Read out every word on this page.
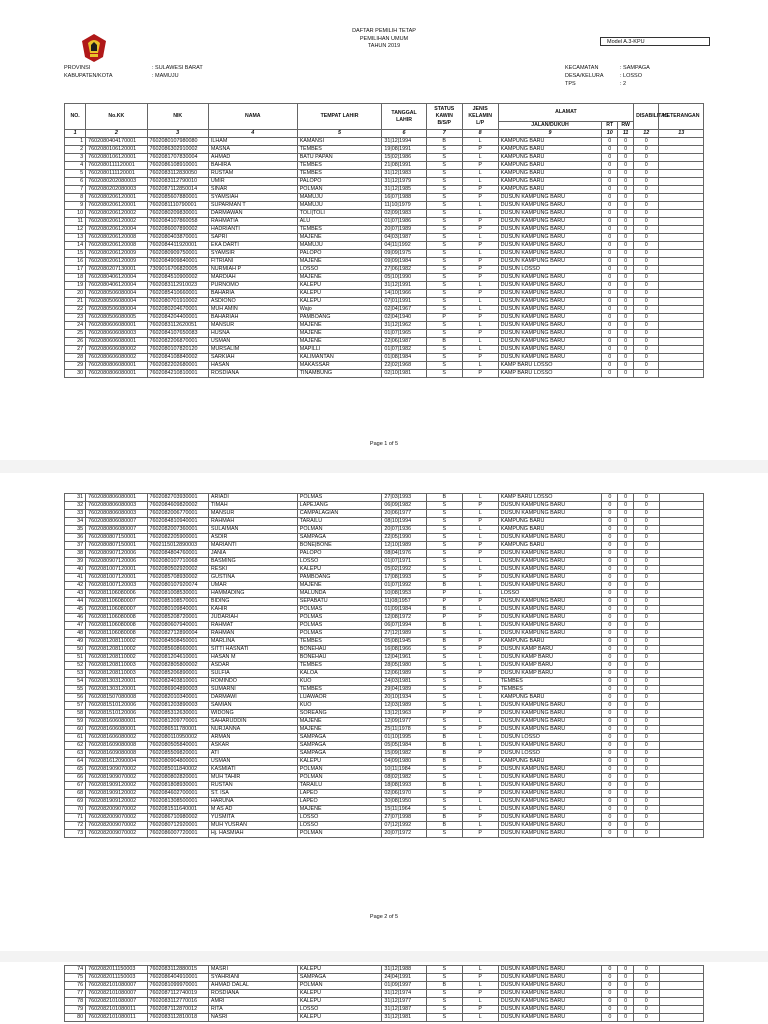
DAFTAR PEMILIH TETAP
PEMILIHAN UMUM
TAHUN 2019
Model A.3-KPU
PROVINSI	: SULAWESI BARAT
KABUPATEN/KOTA	: MAMUJU
KECAMATAN	: SAMPAGA
DESA/KELURA	: LOSSO
TPS	: 2
NO.	No.KK	NIK	NAMA	TEMPAT LAHIR	TANGGAL LAHIR	STATUS KAWIN B/S/P	JENIS KELAMIN L/P	ALAMAT			DISABILITAS	KETERANGAN
								JALAN/DUKUH	RT	RW		
1	2	3	4	5	6	7	8	9	10	11	12	13
1	7602080404170001	7602080107980080	ILHAM	KAMANSI	31|12|1994	B	L	KAMPUNG BARU	0	0	0	
2	7602080106120001	7602086302910002	MASNA	TEMBES	19|08|1991	S	P	KAMPUNG BARU	0	0	0	
3	7602080106120001	7602081707830004	AHMAD	BATU PAPAN	15|02|1986	S	L	KAMPUNG BARU	0	0	0	
4	7602080111120001	7602086108910001	BAHIRA	TEMBES	21|08|1991	S	P	KAMPUNG BARU	0	0	0	
5	7602080111120001	7602083112830050	RUSTAM	TEMBES	31|12|1983	S	L	KAMPUNG BARU	0	0	0	
6	7602080202080003	7602083112790010	UMIR	PALOPO	31|12|1979	S	L	KAMPUNG BARU	0	0	0	
7	7602080202080003	7602087112850014	SINAR	POLMAN	31|12|1985	S	P	KAMPUNG BARU	0	0	0	
8	7602080206120001	7602085607880001	SYAMSIAH	MAMUJU	16|07|1988	S	P	DUSUN KAMPUNG BARU	0	0	0	
9	7602080206120001	7602081110790001	SUPARMAN T	MAMUJU	11|10|1979	S	L	DUSUN KAMPUNG BARU	0	0	0	
10	7602080206120002	7602080209830001	DARMAWAN	TOLI|TOLI	02|09|1983	S	L	DUSUN KAMPUNG BARU	0	0	0	
11	7602080206120002	7602084107860058	RAHMATIA	ALU	01|07|1986	S	P	DUSUN KAMPUNG BARU	0	0	0	
12	7602080206120004	7602086007890002	HADRIANTI	TEMBES	20|07|1989	S	P	DUSUN KAMPUNG BARU	0	0	0	
13	7602080206120008	7602080403870001	SAPRI	MAJENE	04|03|1987	S	L	DUSUN KAMPUNG BARU	0	0	0	
14	7602080206120008	7602084411920001	EKA DARTI	MAMUJU	04|11|1992	S	P	DUSUN KAMPUNG BARU	0	0	0	
15	7602080206120009	7602080909750001	SYAMSIR	PALOPO	09|09|1975	S	L	DUSUN KAMPUNG BARU	0	0	0	
16	7602080206120009	7602084909840001	FITRIANI	MAJENE	09|09|1984	S	P	DUSUN KAMPUNG BARU	0	0	0	
17	7602080207130001	7309016706820005	NURMIAH P	LOSSO	27|06|1982	S	P	DUSUN LOSSO	0	0	0	
18	7602080406120004	7602084510900002	MARDIAH	MAJENE	05|10|1990	S	P	DUSUN KAMPUNG BARU	0	0	0	
19	7602080406120004	7602083112910023	PURNOMO	KALEPU	31|12|1991	S	L	DUSUN KAMPUNG BARU	0	0	0	
20	7602080506080004	7602085410660001	BAHARIA	KALEPU	14|10|1966	S	P	DUSUN KAMPUNG BARU	0	0	0	
21	7602080506080004	7602080701910002	ASDIONO	KALEPU	07|01|1991	S	L	DUSUN KAMPUNG BARU	0	0	0	
22	7602080506080004	7602080204670001	MUH AMIN	Wajo	02|04|1967	S	L	DUSUN KAMPUNG BARU	0	0	0	
23	7602080506080005	7602084204400001	BAHARIAH	PAMBOANG	02|04|1940	P	P	DUSUN KAMPUNG BARU	0	0	0	
24	7602080606080001	7602083112620051	MANSUR	MAJENE	31|12|1962	S	L	DUSUN KAMPUNG BARU	0	0	0	
25	7602080606080003	7602084107650083	HUSNA	MAJENE	01|07|1965	S	P	DUSUN KAMPUNG BARU	0	0	0	
26	7602080606080001	7602082206870001	USMAN	MAJENE	22|06|1987	B	L	DUSUN KAMPUNG BARU	0	0	0	
27	7602080606080002	7602080107820120	MURSALIM	MAPILLI	01|07|1982	S	L	DUSUN KAMPUNG BARU	0	0	0	
28	7602080606080002	7602084108840002	SARKIAH	KALIMANTAN	01|08|1984	S	P	DUSUN KAMPUNG BARU	0	0	0	
29	7602080806080001	7602082202680001	HASAN	MAKASSAR	22|02|1968	S	L	KAMP BARU LOSSO	0	0	0	
30	7602080806080001	7602084210810001	ROSDIANA	TINAMBUNG	02|10|1981	S	P	KAMP BARU LOSSO	0	0	0	
Page 1 of 5
31	7602080806080001	7602082703930001	ARIADI	POLMAS	27|03|1993	B	L	KAMP BARU LOSSO	0	0	0	
32	7602080806080003	7602084609820002	TIMAH	LAPEJANG	06|09|1982	S	P	DUSUN KAMPUNG BARU	0	0	0	
33	7602080806080003	7602082006770001	MANSUR	CAMPALAGIAN	20|06|1977	S	L	DUSUN KAMPUNG BARU	0	0	0	
34	7602080806080007	7602084810940001	RAHMAH	TARAILU	08|10|1994	S	P	KAMPUNG BARU	0	0	0	
35	7602080806080007	7602082007360001	SULAIMAN	POLMAN	20|07|1936	S	L	KAMPUNG BARU	0	0	0	
36	7602080807150001	7602082205900001	ASDIR	SAMPAGA	22|05|1990	S	L	DUSUN KAMPUNG BARU	0	0	0	
37	7602080807150001	7602115012890003	MARIANTI	BONE|BONE	12|10|1989	S	P	KAMPUNG BARU	0	0	0	
38	7602080907120006	7602084804760001	JANIA	PALOPO	08|04|1976	S	P	DUSUN KAMPUNG BARU	0	0	0	
39	7602080907120006	7602080107710068	BASMING	LOSSO	01|07|1971	S	L	DUSUN KAMPUNG BARU	0	0	0	
40	7602081007120001	7602080502920002	RESKI	KALEPU	05|02|1992	S	L	DUSUN KAMPUNG BARU	0	0	0	
41	7602081007120001	7602085708930002	GUSTINA	PAMBOANG	17|08|1993	S	P	DUSUN KAMPUNG BARU	0	0	0	
42	7602081007120003	7602080107920074	UMAR	MAJENE	01|07|1992	B	L	DUSUN KAMPUNG BARU	0	0	0	
43	7602081106080006	7602081008530001	HAMMADING	MALUNDA	10|08|1953	P	L	LOSSO	0	0	0	
44	7602081106080007	7602085108570001	BIDING	SEPABATU	11|08|1957	P	P	DUSUN KAMPUNG BARU	0	0	0	
45	7602081106080007	7602080109840001	KAHIR	POLMAS	01|09|1984	B	L	DUSUN KAMPUNG BARU	0	0	0	
46	7602081106080008	7602085208720001	JUDARIAH	POLMAS	12|08|1972	P	P	DUSUN KAMPUNG BARU	0	0	0	
47	7602081106080008	7602080607940001	RAHMAT	POLMAS	06|07|1994	B	L	DUSUN KAMPUNG BARU	0	0	0	
48	7602081106080008	7602082712890004	RAHMAN	POLMAS	27|12|1989	S	L	DUSUN KAMPUNG BARU	0	0	0	
49	7602081208110002	7602084508450001	MARLINA	TEMBES	05|08|1945	B	P	KAMPUNG BARU	0	0	0	
50	7602081208110002	7602085608660001	SITTI HASNATI	BONEHAU	16|08|1966	S	P	DUSUN KAMP BARU	0	0	0	
51	7602081208110002	7602081204610001	HASAN M	BONEHAU	12|04|1961	S	L	DUSUN KAMP BARU	0	0	0	
52	7602081208110003	7602082805800002	ASDAR	TEMBES	28|05|1980	S	L	DUSUN KAMP BARU	0	0	0	
53	7602081208110003	7602085206890001	SULFIA	KALOA	12|06|1989	S	P	DUSUN KAMP BARU	0	0	0	
54	7602081303120001	7602082403810001	ROMINDO	KUO	24|03|1981	S	L	TEMBES	0	0	0	
55	7602081303120001	7602086904890003	SUMARNI	TEMBES	29|04|1989	S	P	TEMBES	0	0	0	
56	7602081507080008	7602082010340001	DARMAWI	LUAWAOR	20|10|1934	S	L	KAMPUNG BARU	0	0	0	
57	7602081510120006	7602081203890003	SAMIAN	KUO	12|03|1989	S	L	DUSUN KAMPUNG BARU	0	0	0	
58	7602081510120006	7602085312630001	WIDONG	SOREANG	13|12|1963	P	P	DUSUN KAMPUNG BARU	0	0	0	
59	7602081606080001	7602081209770001	SAHARUDDIN	MAJENE	12|09|1977	S	L	DUSUN KAMPUNG BARU	0	0	0	
60	7602081606080001	7602086511780001	NURJANNA	MAJENE	25|11|1978	S	P	DUSUN KAMPUNG BARU	0	0	0	
61	7602081606080002	7602080110950002	ARMAN	SAMPAGA	01|10|1995	B	L	DUSUN LOSSO	0	0	0	
62	7602081609080008	7602080505840001	ASKAR	SAMPAGA	05|05|1984	B	L	DUSUN KAMPUNG BARU	0	0	0	
63	7602081609080008	7602085509820001	ATI	SAMPAGA	15|09|1982	B	P	DUSUN LOSSO	0	0	0	
64	7602081612090004	7602080904800001	USMAN	KALEPU	04|09|1980	B	L	KAMPUNG BARU	0	0	0	
65	7602081909070002	7602085011840002	KASMIATI	POLMAN	10|11|1984	S	P	DUSUN KAMPUNG BARU	0	0	0	
66	7602081909070002	7602080802820001	MUH TAHIR	POLMAN	08|02|1982	S	L	DUSUN KAMPUNG BARU	0	0	0	
67	7602081909120002	7602081808930001	RUSTAN	TARAILU	18|08|1993	B	L	DUSUN KAMPUNG BARU	0	0	0	
68	7602081909120002	7602084602700001	ST. ISA	LAPEO	02|06|1970	S	P	DUSUN KAMPUNG BARU	0	0	0	
69	7602081909120002	7602081308500001	HARUNA	LAPEO	30|08|1950	S	L	DUSUN KAMPUNG BARU	0	0	0	
70	7602082009070002	7602081511640001	M AS AD	MAJENE	15|11|1964	S	L	DUSUN KAMPUNG BARU	0	0	0	
71	7602082009070002	7602086710980002	YUSMITA	LOSSO	27|07|1998	B	P	DUSUN KAMPUNG BARU	0	0	0	
72	7602082009070002	7602080712920001	MUH YUSRAN	LOSSO	07|12|1992	B	L	DUSUN KAMPUNG BARU	0	0	0	
73	7602082009070002	7602086007720001	Hj. HASMIAH	POLMAN	20|07|1972	S	P	DUSUN KAMPUNG BARU	0	0	0	
Page 2 of 5
74	7602082011150003	7602083112880015	MASRI	KALEPU	31|12|1988	S	L	DUSUN KAMPUNG BARU	0	0	0	
75	7602082011150003	7602086404910001	SYAHRIANI	SAMPAGA	24|04|1991	S	P	DUSUN KAMPUNG BARU	0	0	0	
76	7602082101080007	7602081099970001	AHMAD DALAL	POLMAN	01|09|1997	B	L	DUSUN KAMPUNG BARU	0	0	0	
77	7602082101080007	7602087112740019	ROSDIANA	KALEPU	31|12|1974	S	P	DUSUN KAMPUNG BARU	0	0	0	
78	7602082101080007	7602083112770016	AMRI	KALEPU	31|12|1977	S	L	DUSUN KAMPUNG BARU	0	0	0	
79	7602082101080011	7602087112870012	RITA	LOSSO	31|12|1987	S	P	DUSUN KAMPUNG BARU	0	0	0	
80	7602082101080011	7602083112810018	NASRI	KALEPU	31|12|1981	S	L	DUSUN KAMPUNG BARU	0	0	0	
